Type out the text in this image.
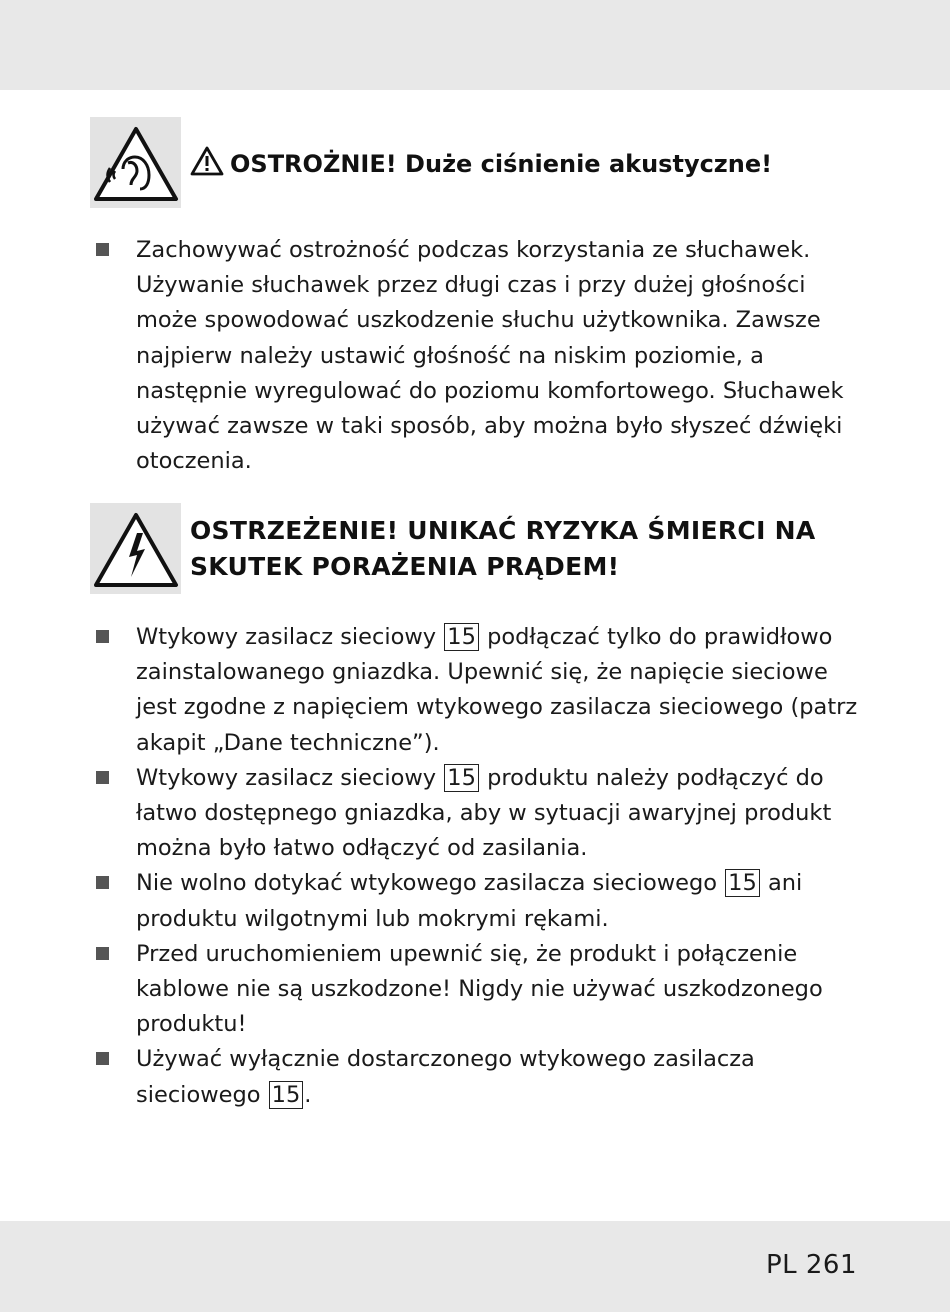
OSTROŻNIE! Duże ciśnienie akustyczne!
Zachowywać ostrożność podczas korzystania ze słuchawek. Używanie słuchawek przez długi czas i przy dużej głośności może spowodować uszkodzenie słuchu użytkownika. Zawsze najpierw należy ustawić głośność na niskim poziomie, a następnie wyregulować do poziomu komfortowego. Słuchawek używać zawsze w taki sposób, aby można było słyszeć dźwięki otoczenia.
OSTRZEŻENIE! UNIKAĆ RYZYKA ŚMIERCI NA
SKUTEK PORAŻENIA PRĄDEM!
Wtykowy zasilacz sieciowy 15 podłączać tylko do prawidłowo zainstalowanego gniazdka. Upewnić się, że napięcie sieciowe jest zgodne z napięciem wtykowego zasilacza sieciowego (patrz akapit „Dane techniczne”).
Wtykowy zasilacz sieciowy 15 produktu należy podłączyć do łatwo dostępnego gniazdka, aby w sytuacji awaryjnej produkt można było łatwo odłączyć od zasilania.
Nie wolno dotykać wtykowego zasilacza sieciowego 15 ani produktu wilgotnymi lub mokrymi rękami.
Przed uruchomieniem upewnić się, że produkt i połączenie kablowe nie są uszkodzone! Nigdy nie używać uszkodzonego produktu!
Używać wyłącznie dostarczonego wtykowego zasilacza sieciowego 15 .
PL 261
